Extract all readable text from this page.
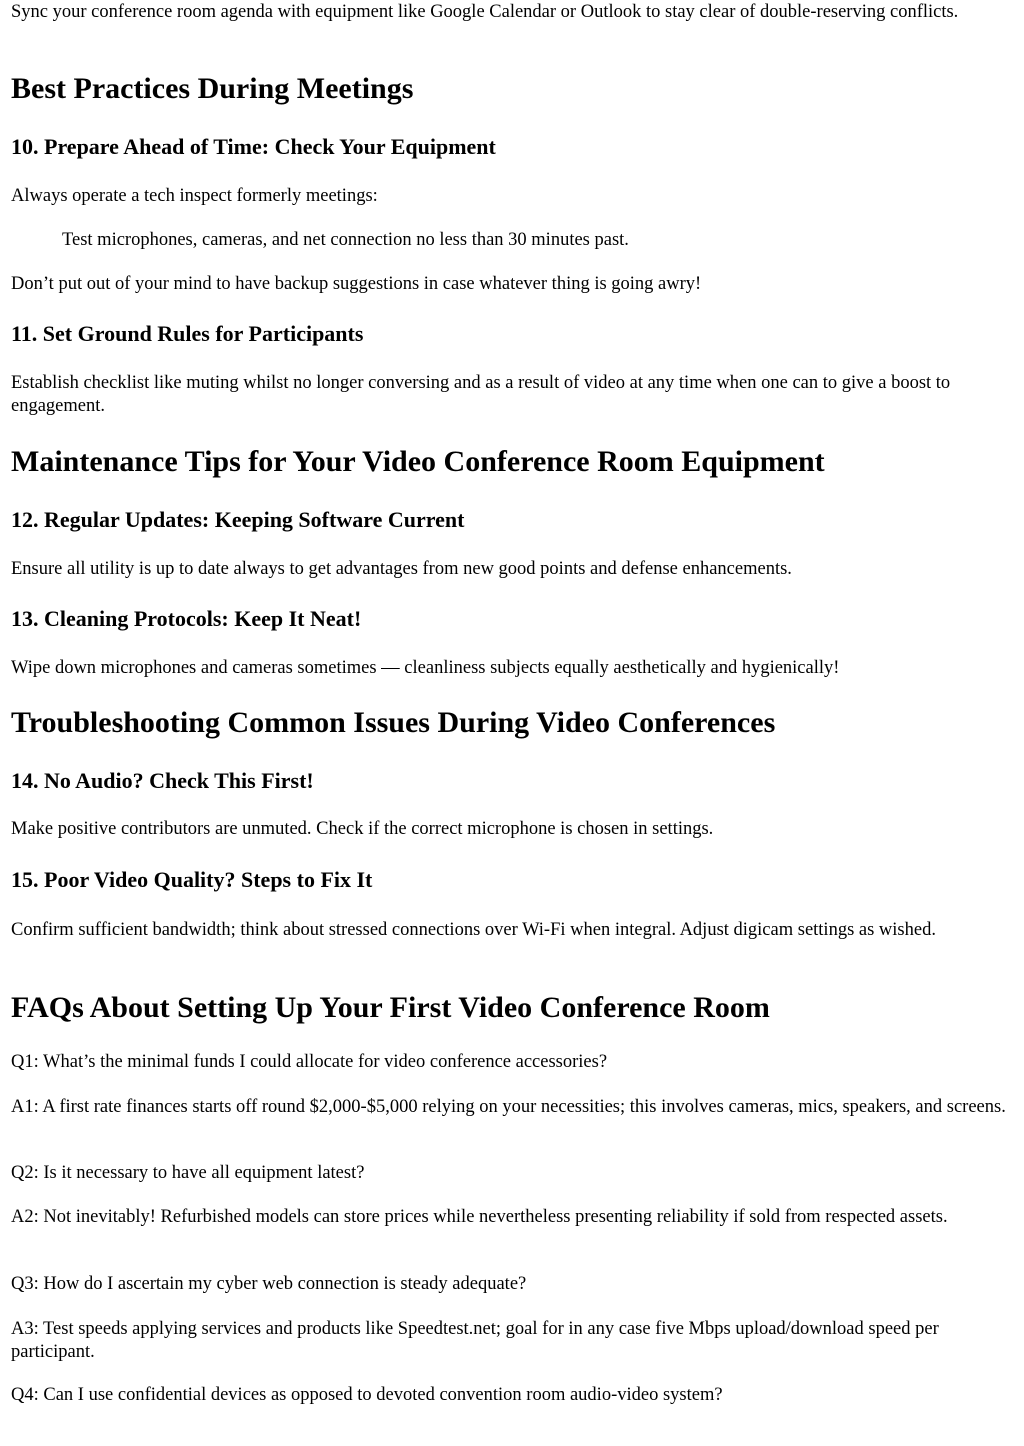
Sync your conference room agenda with equipment like Google Calendar or Outlook to stay clear of double-reserving conflicts.

Best Practices During Meetings
10. Prepare Ahead of Time: Check Your Equipment

Always operate a tech inspect formerly meetings:

Test microphones, cameras, and net connection no less than 30 minutes past.

Don’t put out of your mind to have backup suggestions in case whatever thing is going awry!

11. Set Ground Rules for Participants

Establish checklist like muting whilst no longer conversing and as a result of video at any time when one can to give a boost to engagement.

Maintenance Tips for Your Video Conference Room Equipment
12. Regular Updates: Keeping Software Current

Ensure all utility is up to date always to get advantages from new good points and defense enhancements.

13. Cleaning Protocols: Keep It Neat!

Wipe down microphones and cameras sometimes — cleanliness subjects equally aesthetically and hygienically!

Troubleshooting Common Issues During Video Conferences
14. No Audio? Check This First!

Make positive contributors are unmuted. Check if the correct microphone is chosen in settings.

15. Poor Video Quality? Steps to Fix It

Confirm sufficient bandwidth; think about stressed connections over Wi-Fi when integral. Adjust digicam settings as wished.

FAQs About Setting Up Your First Video Conference Room

Q1: What’s the minimal funds I could allocate for video conference accessories?

A1: A first rate finances starts off round $2,000-$5,000 relying on your necessities; this involves cameras, mics, speakers, and screens.

Q2: Is it necessary to have all equipment latest?

A2: Not inevitably! Refurbished models can store prices while nevertheless presenting reliability if sold from respected assets.

Q3: How do I ascertain my cyber web connection is steady adequate?

A3: Test speeds applying services and products like Speedtest.net; goal for in any case five Mbps upload/download speed per participant.

Q4: Can I use confidential devices as opposed to devoted convention room audio-video system?
